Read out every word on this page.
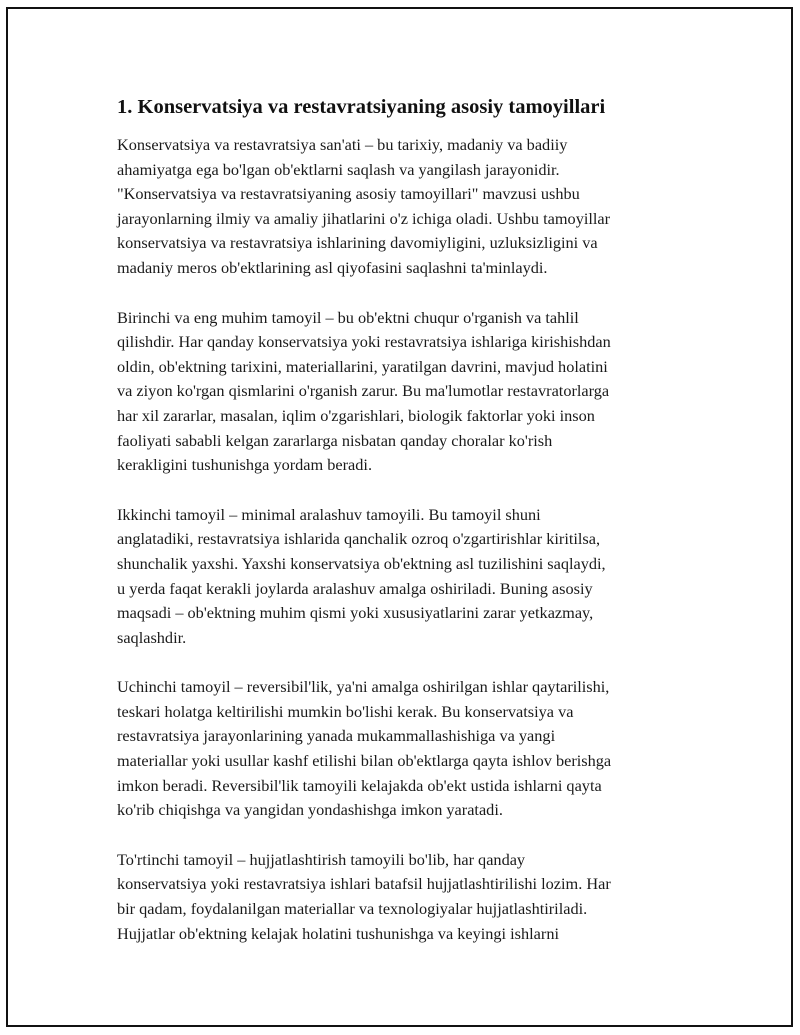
1. Konservatsiya va restavratsiyaning asosiy tamoyillari

Konservatsiya va restavratsiya san'ati – bu tarixiy, madaniy va badiiy
ahamiyatga ega bo'lgan ob'ektlarni saqlash va yangilash jarayonidir.
"Konservatsiya va restavratsiyaning asosiy tamoyillari" mavzusi ushbu
jarayonlarning ilmiy va amaliy jihatlarini o'z ichiga oladi. Ushbu tamoyillar
konservatsiya va restavratsiya ishlarining davomiyligini, uzluksizligini va
madaniy meros ob'ektlarining asl qiyofasini saqlashni ta'minlaydi.

Birinchi va eng muhim tamoyil – bu ob'ektni chuqur o'rganish va tahlil
qilishdir. Har qanday konservatsiya yoki restavratsiya ishlariga kirishishdan
oldin, ob'ektning tarixini, materiallarini, yaratilgan davrini, mavjud holatini
va ziyon ko'rgan qismlarini o'rganish zarur. Bu ma'lumotlar restavratorlarga
har xil zararlar, masalan, iqlim o'zgarishlari, biologik faktorlar yoki inson
faoliyati sababli kelgan zararlarga nisbatan qanday choralar ko'rish
kerakligini tushunishga yordam beradi.

Ikkinchi tamoyil – minimal aralashuv tamoyili. Bu tamoyil shuni
anglatadiki, restavratsiya ishlarida qanchalik ozroq o'zgartirishlar kiritilsa,
shunchalik yaxshi. Yaxshi konservatsiya ob'ektning asl tuzilishini saqlaydi,
u yerda faqat kerakli joylarda aralashuv amalga oshiriladi. Buning asosiy
maqsadi – ob'ektning muhim qismi yoki xususiyatlarini zarar yetkazmay,
saqlashdir.

Uchinchi tamoyil – reversibil'lik, ya'ni amalga oshirilgan ishlar qaytarilishi,
teskari holatga keltirilishi mumkin bo'lishi kerak. Bu konservatsiya va
restavratsiya jarayonlarining yanada mukammallashishiga va yangi
materiallar yoki usullar kashf etilishi bilan ob'ektlarga qayta ishlov berishga
imkon beradi. Reversibil'lik tamoyili kelajakda ob'ekt ustida ishlarni qayta
ko'rib chiqishga va yangidan yondashishga imkon yaratadi.

To'rtinchi tamoyil – hujjatlashtirish tamoyili bo'lib, har qanday
konservatsiya yoki restavratsiya ishlari batafsil hujjatlashtirilishi lozim. Har
bir qadam, foydalanilgan materiallar va texnologiyalar hujjatlashtiriladi.
Hujjatlar ob'ektning kelajak holatini tushunishga va keyingi ishlarni
